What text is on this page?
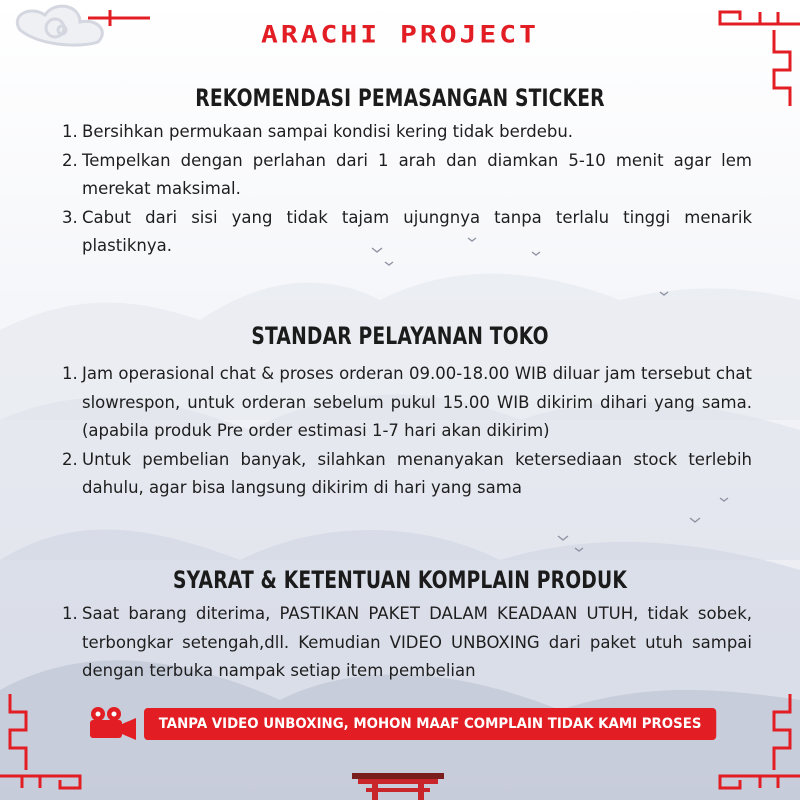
ARACHI PROJECT
REKOMENDASI PEMASANGAN STICKER
1. Bersihkan permukaan sampai kondisi kering tidak berdebu.
2. Tempelkan dengan perlahan dari 1 arah dan diamkan 5-10 menit agar lem merekat maksimal.
3. Cabut dari sisi yang tidak tajam ujungnya tanpa terlalu tinggi menarik plastiknya.
STANDAR PELAYANAN TOKO
1. Jam operasional chat & proses orderan 09.00-18.00 WIB diluar jam tersebut chat slowrespon, untuk orderan sebelum pukul 15.00 WIB dikirim dihari yang sama. (apabila produk Pre order estimasi 1-7 hari akan dikirim)
2. Untuk pembelian banyak, silahkan menanyakan ketersediaan stock terlebih dahulu, agar bisa langsung dikirim di hari yang sama
SYARAT & KETENTUAN KOMPLAIN PRODUK
1. Saat barang diterima, PASTIKAN PAKET DALAM KEADAAN UTUH, tidak sobek, terbongkar setengah,dll. Kemudian VIDEO UNBOXING dari paket utuh sampai dengan terbuka nampak setiap item pembelian
TANPA VIDEO UNBOXING, MOHON MAAF COMPLAIN TIDAK KAMI PROSES
